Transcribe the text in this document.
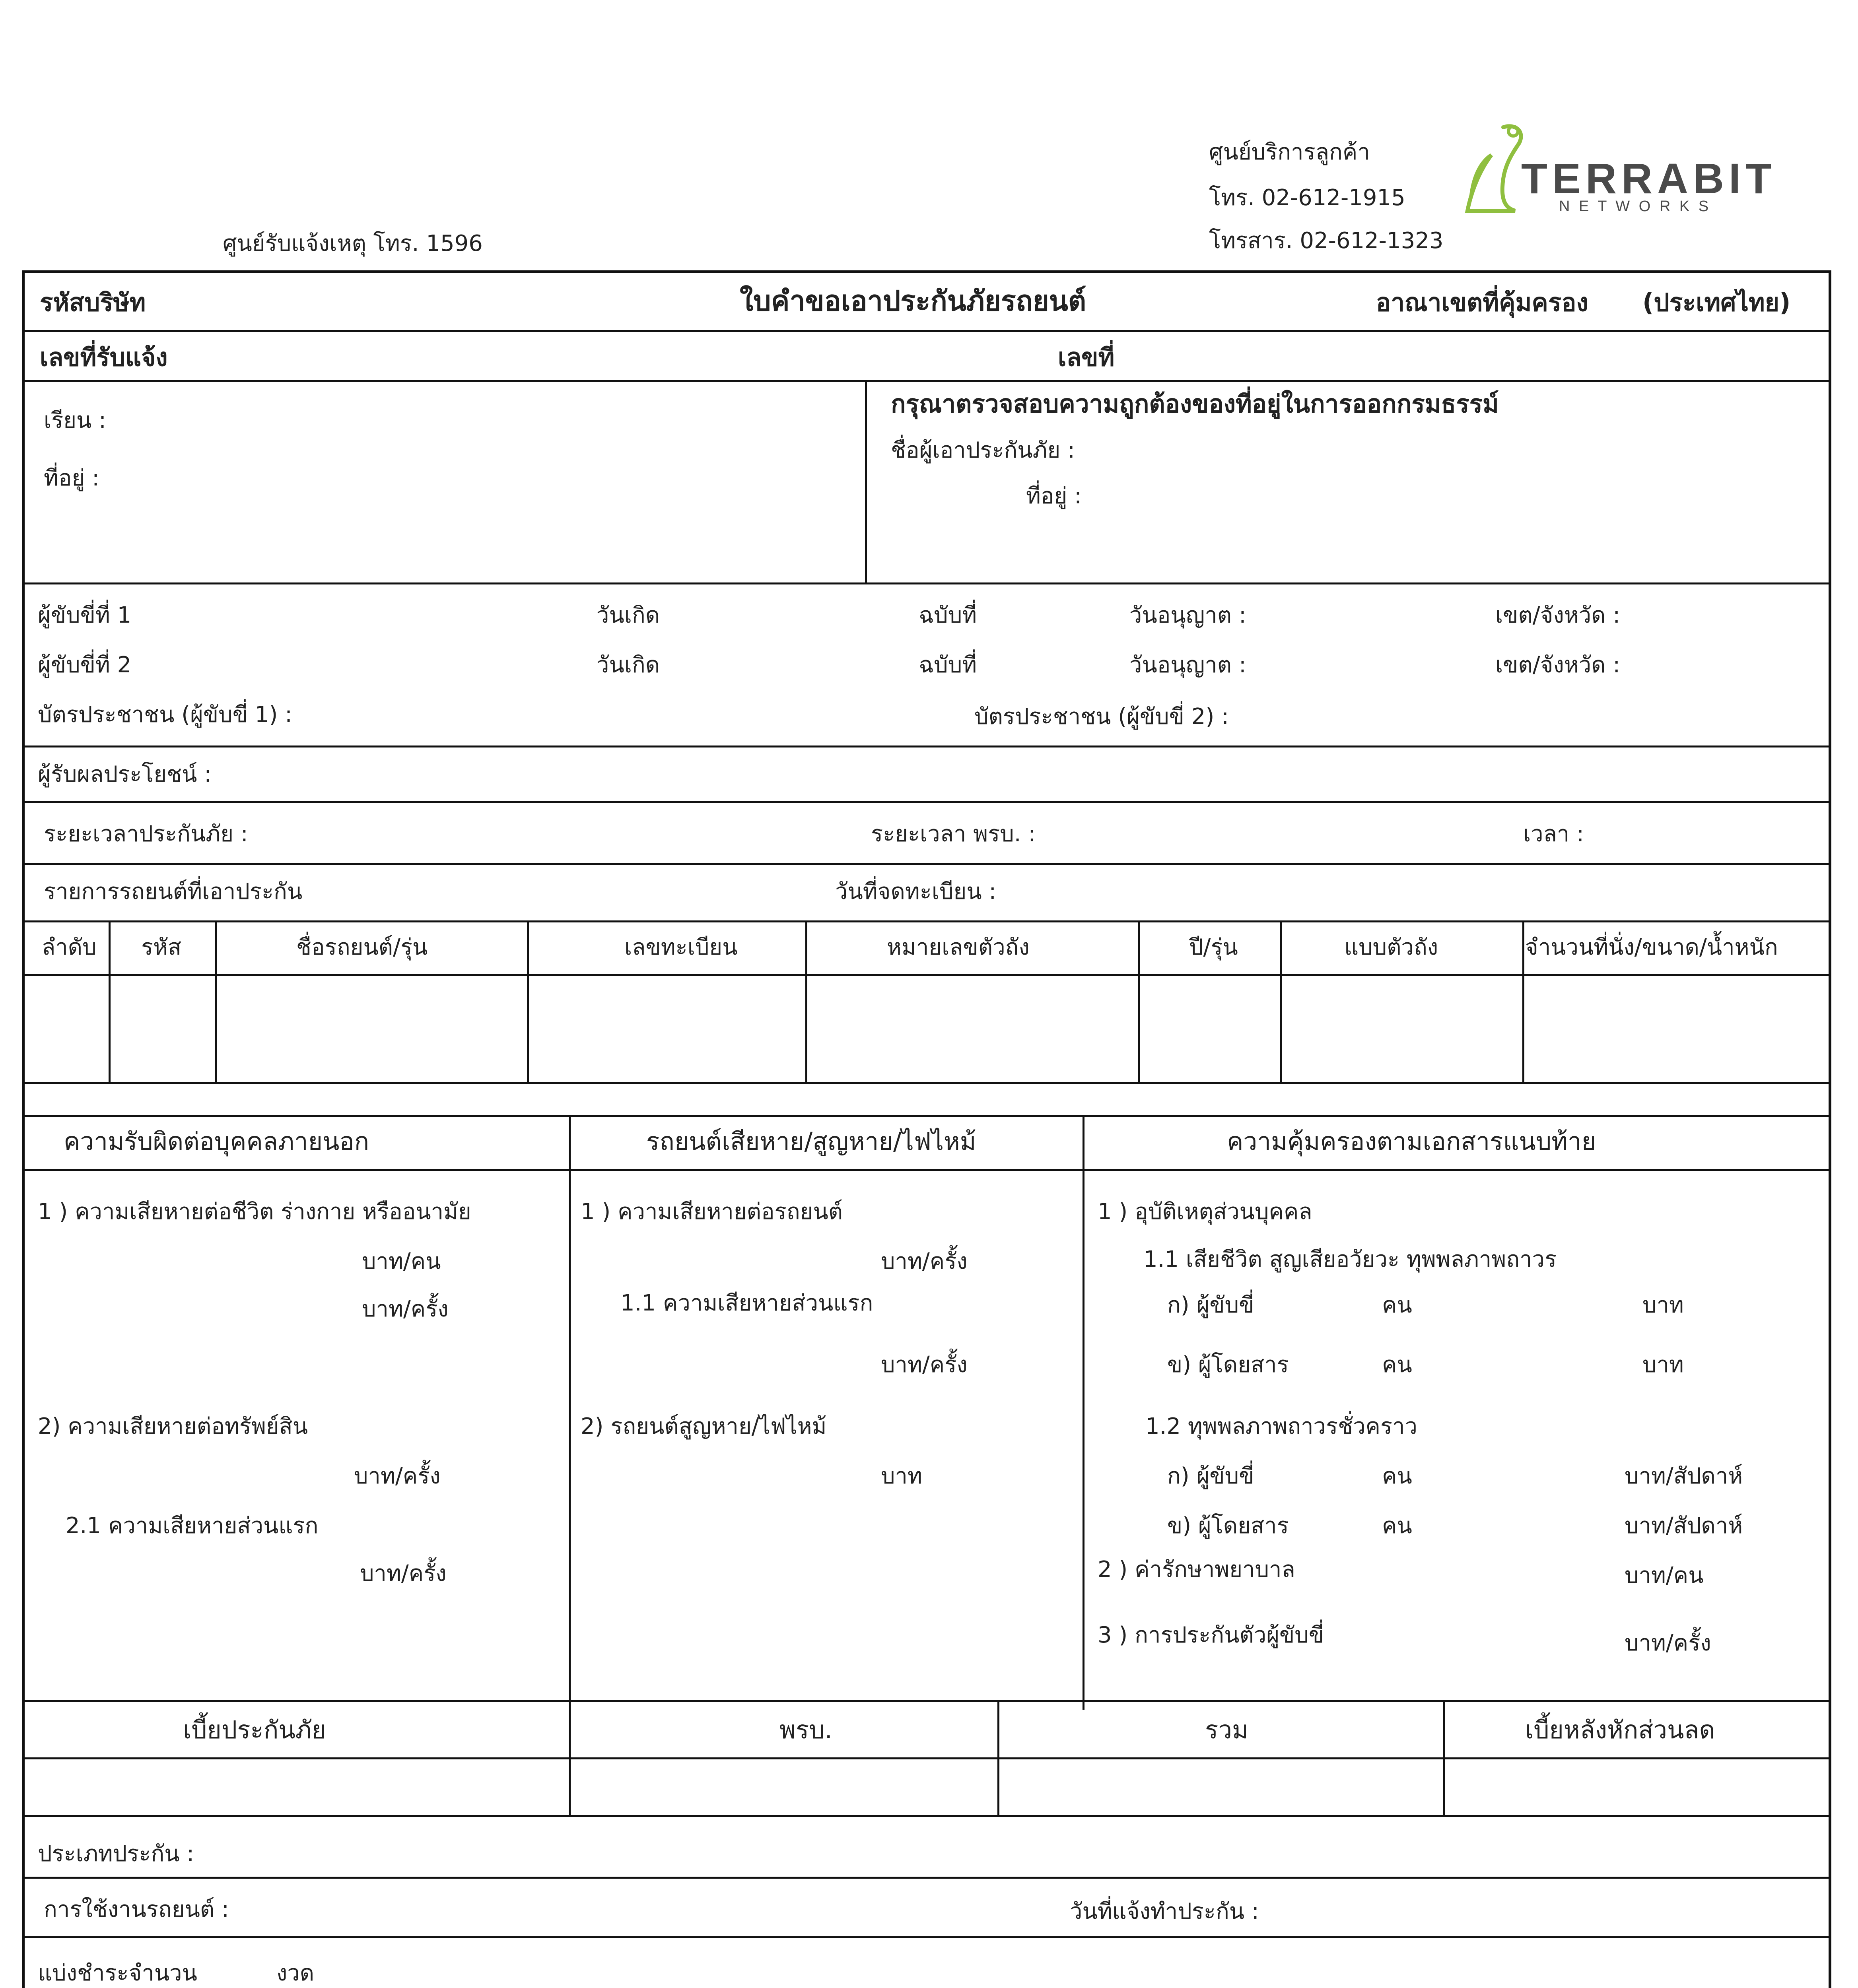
ศูนย์บริการลูกค้า
โทร. 02-612-1915
โทรสาร. 02-612-1323
ศูนย์รับแจ้งเหตุ โทร. 1596
TERRABIT
N E T W O R K S
รหัสบริษัท	ใบคำขอเอาประกันภัยรถยนต์	อาณาเขตที่คุ้มครอง (ประเทศไทย)
เลขที่รับแจ้ง	เลขที่
เรียน :
ที่อยู่ :
กรุณาตรวจสอบความถูกต้องของที่อยู่ในการออกกรมธรรม์
ชื่อผู้เอาประกันภัย :
ที่อยู่ :
ผู้ขับขี่ที่ 1	วันเกิด	ฉบับที่	วันอนุญาต :	เขต/จังหวัด :
ผู้ขับขี่ที่ 2	วันเกิด	ฉบับที่	วันอนุญาต :	เขต/จังหวัด :
บัตรประชาชน (ผู้ขับขี่ 1) :	บัตรประชาชน (ผู้ขับขี่ 2) :
ผู้รับผลประโยชน์ :
ระยะเวลาประกันภัย :	ระยะเวลา พรบ. :	เวลา :
รายการรถยนต์ที่เอาประกัน	วันที่จดทะเบียน :
ลำดับ รหัส	ชื่อรถยนต์/รุ่น	เลขทะเบียน	หมายเลขตัวถัง	ปี/รุ่น	แบบตัวถัง	จำนวนที่นั่ง/ขนาด/น้ำหนัก
ความรับผิดต่อบุคคลภายนอก	รถยนต์เสียหาย/สูญหาย/ไฟไหม้	ความคุ้มครองตามเอกสารแนบท้าย
1 ) ความเสียหายต่อชีวิต ร่างกาย หรืออนามัย
บาท/คน
บาท/ครั้ง
2) ความเสียหายต่อทรัพย์สิน
บาท/ครั้ง
2.1 ความเสียหายส่วนแรก
บาท/ครั้ง
1 ) ความเสียหายต่อรถยนต์
บาท/ครั้ง
1.1 ความเสียหายส่วนแรก
บาท/ครั้ง
2) รถยนต์สูญหาย/ไฟไหม้
บาท
1 ) อุบัติเหตุส่วนบุคคล
1.1 เสียชีวิต สูญเสียอวัยวะ ทุพพลภาพถาวร
ก) ผู้ขับขี่	คน	บาท
ข) ผู้โดยสาร	คน	บาท
1.2 ทุพพลภาพถาวรชั่วคราว
ก) ผู้ขับขี่	คน	บาท/สัปดาห์
ข) ผู้โดยสาร	คน	บาท/สัปดาห์
2 ) ค่ารักษาพยาบาล	บาท/คน
3 ) การประกันตัวผู้ขับขี่	บาท/ครั้ง
เบี้ยประกันภัย	พรบ.	รวม	เบี้ยหลังหักส่วนลด
ประเภทประกัน :
การใช้งานรถยนต์ :	วันที่แจ้งทำประกัน :
แบ่งชำระจำนวน	งวด
